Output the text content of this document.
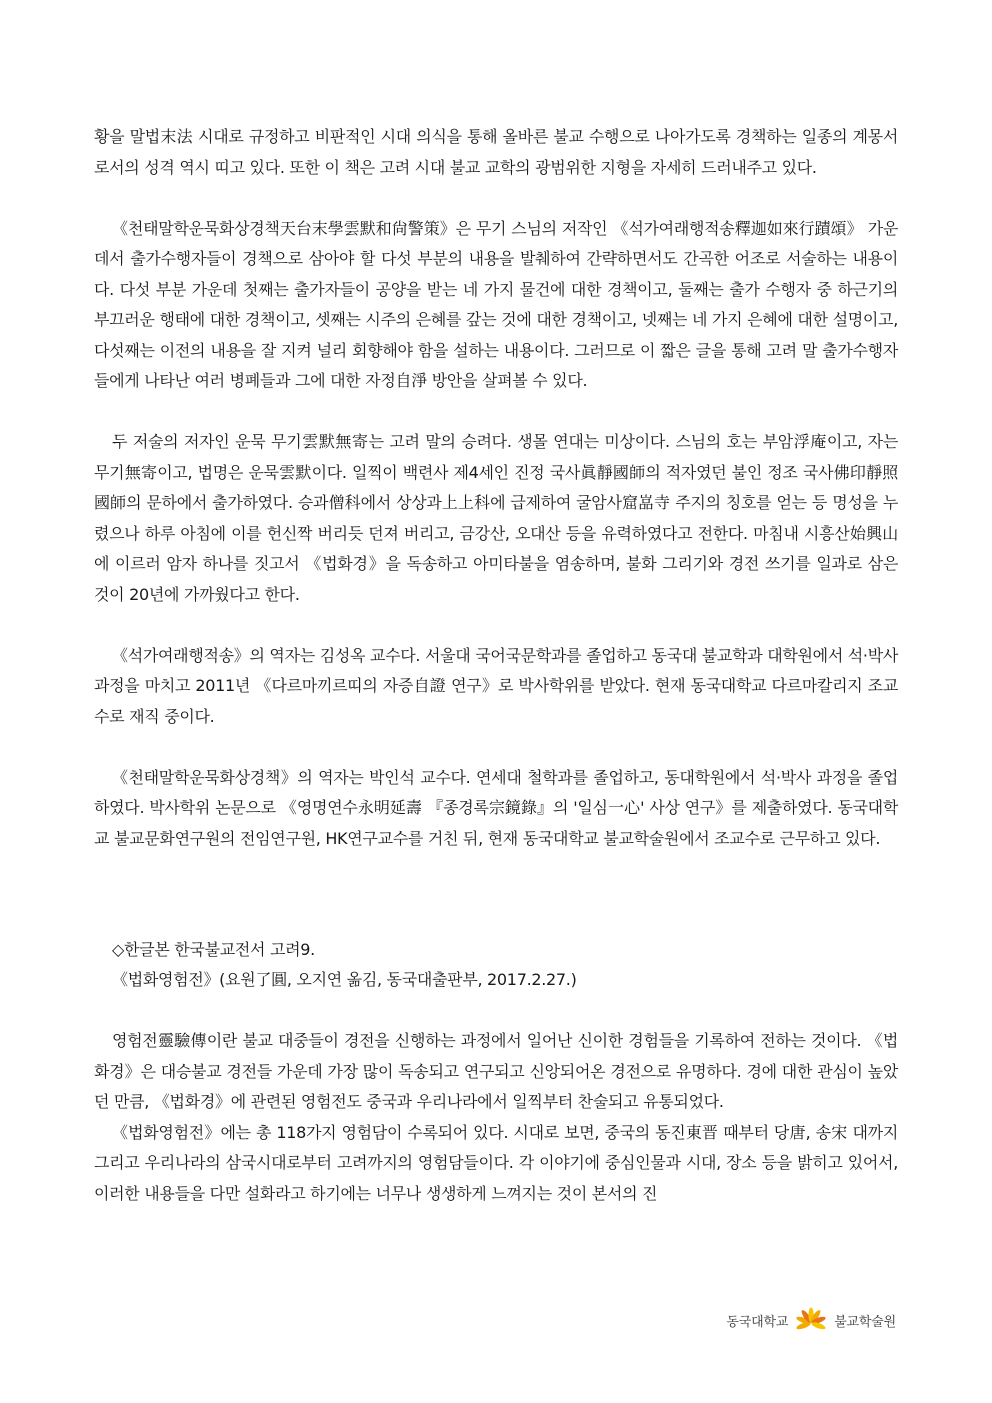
황을 말법末法 시대로 규정하고 비판적인 시대 의식을 통해 올바른 불교 수행으로 나아가도록 경책하는 일종의 계몽서로서의 성격 역시 띠고 있다. 또한 이 책은 고려 시대 불교 교학의 광범위한 지형을 자세히 드러내주고 있다.

《천태말학운묵화상경책天台末學雲默和尙警策》은 무기 스님의 저작인 《석가여래행적송釋迦如來行蹟頌》 가운데서 출가수행자들이 경책으로 삼아야 할 다섯 부분의 내용을 발췌하여 간략하면서도 간곡한 어조로 서술하는 내용이다. 다섯 부분 가운데 첫째는 출가자들이 공양을 받는 네 가지 물건에 대한 경책이고, 둘째는 출가 수행자 중 하근기의 부끄러운 행태에 대한 경책이고, 셋째는 시주의 은혜를 갚는 것에 대한 경책이고, 넷째는 네 가지 은혜에 대한 설명이고, 다섯째는 이전의 내용을 잘 지켜 널리 회향해야 함을 설하는 내용이다. 그러므로 이 짧은 글을 통해 고려 말 출가수행자들에게 나타난 여러 병폐들과 그에 대한 자정自淨 방안을 살펴볼 수 있다.

두 저술의 저자인 운묵 무기雲默無寄는 고려 말의 승려다. 생몰 연대는 미상이다. 스님의 호는 부암浮庵이고, 자는 무기無寄이고, 법명은 운묵雲默이다. 일찍이 백련사 제4세인 진정 국사眞靜國師의 적자였던 불인 정조 국사佛印靜照國師의 문하에서 출가하였다. 승과僧科에서 상상과上上科에 급제하여 굴암사窟嵓寺 주지의 칭호를 얻는 등 명성을 누렸으나 하루 아침에 이를 헌신짝 버리듯 던져 버리고, 금강산, 오대산 등을 유력하였다고 전한다. 마침내 시흥산始興山에 이르러 암자 하나를 짓고서 《법화경》을 독송하고 아미타불을 염송하며, 불화 그리기와 경전 쓰기를 일과로 삼은 것이 20년에 가까웠다고 한다.

《석가여래행적송》의 역자는 김성옥 교수다. 서울대 국어국문학과를 졸업하고 동국대 불교학과 대학원에서 석·박사 과정을 마치고 2011년 《다르마끼르띠의 자증自證 연구》로 박사학위를 받았다. 현재 동국대학교 다르마칼리지 조교수로 재직 중이다.

《천태말학운묵화상경책》의 역자는 박인석 교수다. 연세대 철학과를 졸업하고, 동대학원에서 석·박사 과정을 졸업하였다. 박사학위 논문으로 《영명연수永明延壽 『종경록宗鏡錄』의 '일심一心' 사상 연구》를 제출하였다. 동국대학교 불교문화연구원의 전임연구원, HK연구교수를 거친 뒤, 현재 동국대학교 불교학술원에서 조교수로 근무하고 있다.

◇한글본 한국불교전서 고려9.

《법화영험전》(요원了圓, 오지연 옮김, 동국대출판부, 2017.2.27.)

영험전靈驗傳이란 불교 대중들이 경전을 신행하는 과정에서 일어난 신이한 경험들을 기록하여 전하는 것이다. 《법화경》은 대승불교 경전들 가운데 가장 많이 독송되고 연구되고 신앙되어온 경전으로 유명하다. 경에 대한 관심이 높았던 만큼, 《법화경》에 관련된 영험전도 중국과 우리나라에서 일찍부터 찬술되고 유통되었다.

《법화영험전》에는 총 118가지 영험담이 수록되어 있다. 시대로 보면, 중국의 동진東晋 때부터 당唐, 송宋 대까지 그리고 우리나라의 삼국시대로부터 고려까지의 영험담들이다. 각 이야기에 중심인물과 시대, 장소 등을 밝히고 있어서, 이러한 내용들을 다만 설화라고 하기에는 너무나 생생하게 느껴지는 것이 본서의 진

동국대학교	불교학술원
